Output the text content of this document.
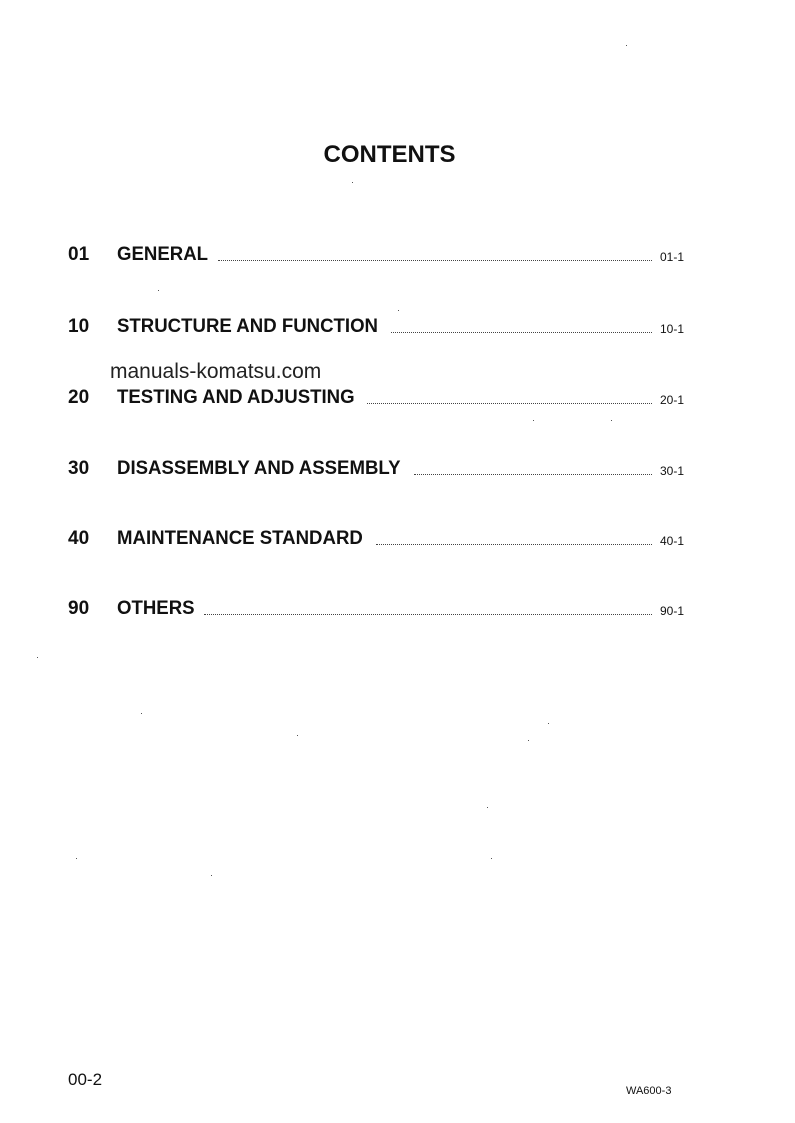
CONTENTS
01	GENERAL	01-1
10	STRUCTURE AND FUNCTION	10-1
manuals-komatsu.com
20	TESTING AND ADJUSTING	20-1
30	DISASSEMBLY AND ASSEMBLY	30-1
40	MAINTENANCE STANDARD	40-1
90	OTHERS	90-1
00-2
WA600-3
